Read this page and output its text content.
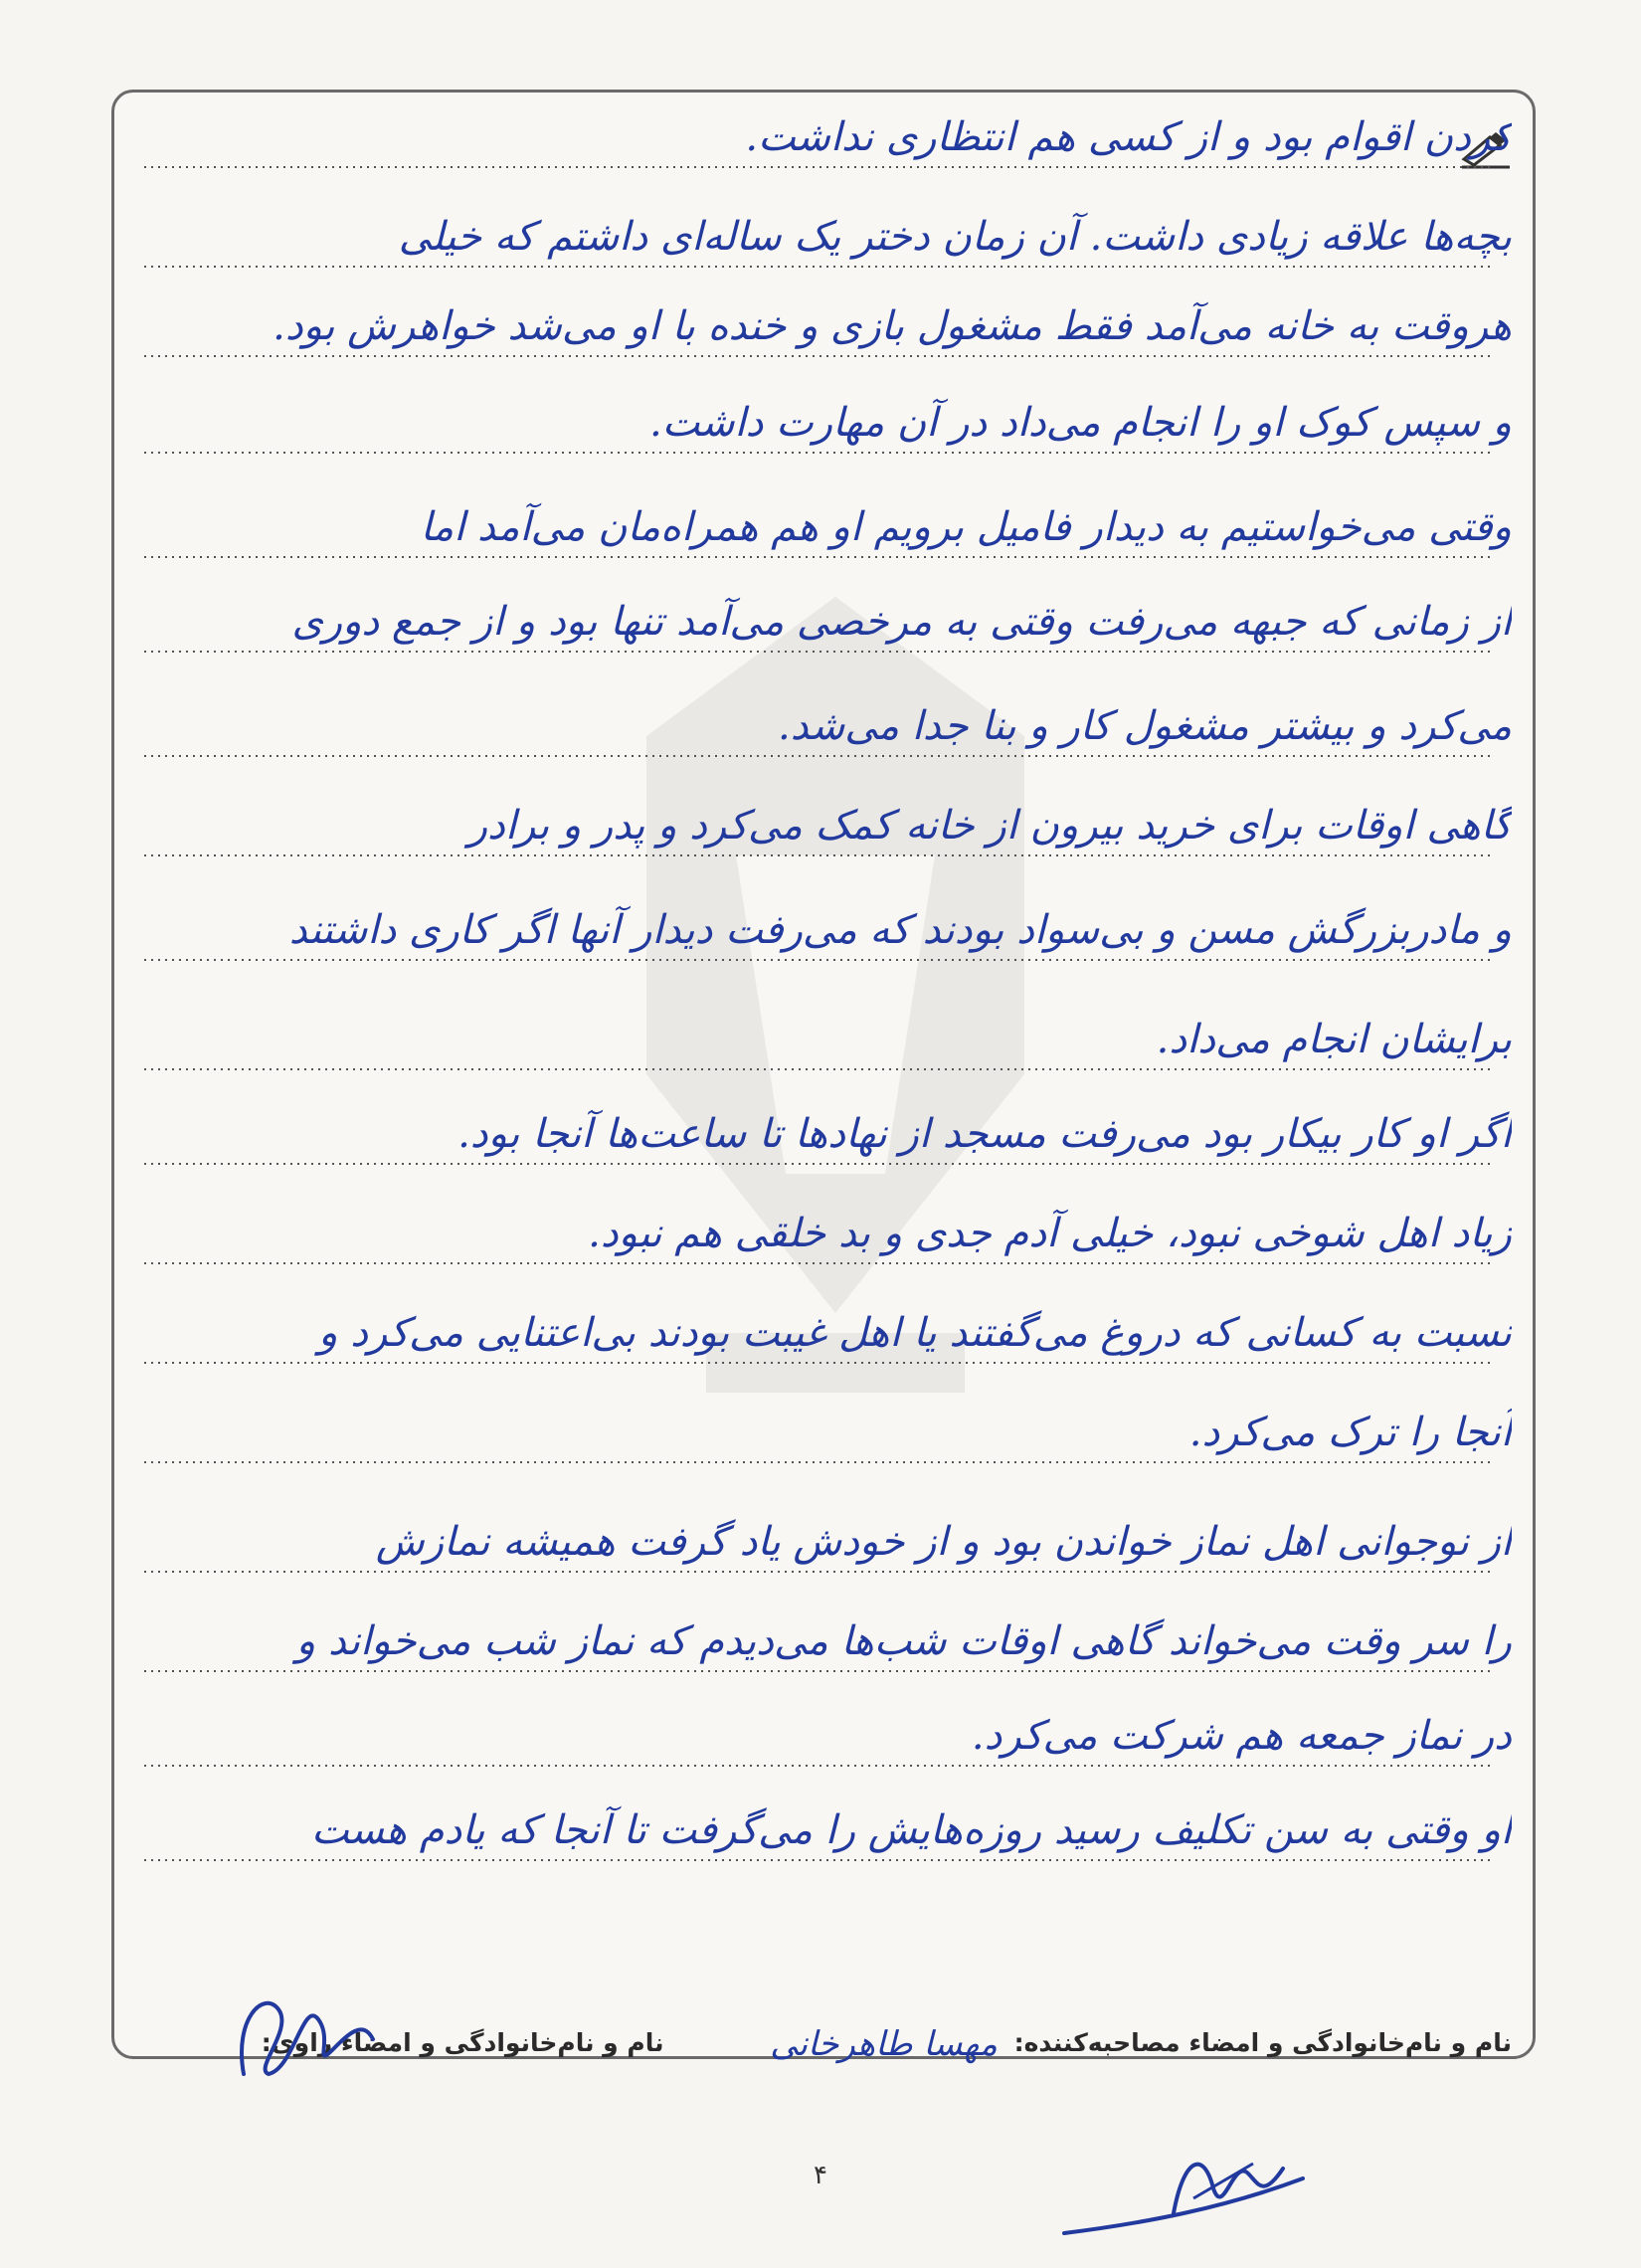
کردن اقوام بود و از کسی هم انتظاری نداشت.
بچه‌ها علاقه زیادی داشت. آن زمان دختر یک ساله‌ای داشتم که خیلی
هروقت به خانه می‌آمد فقط مشغول بازی و خنده با او می‌شد خواهرش بود.
و سپس کوک او را انجام می‌داد در آن مهارت داشت.
وقتی می‌خواستیم به دیدار فامیل برویم او هم همراه‌مان می‌آمد اما
از زمانی که جبهه می‌رفت وقتی به مرخصی می‌آمد تنها بود و از جمع دوری
می‌کرد و بیشتر مشغول کار و بنا جدا می‌شد.
گاهی اوقات برای خرید بیرون از خانه کمک می‌کرد و پدر و برادر
و مادربزرگش مسن و بی‌سواد بودند که می‌رفت دیدار آنها اگر کاری داشتند
برایشان انجام می‌داد.
اگر او کار بیکار بود می‌رفت مسجد از نهادها تا ساعت‌ها آنجا بود.
زیاد اهل شوخی نبود، خیلی آدم جدی و بد خلقی هم نبود.
نسبت به کسانی که دروغ می‌گفتند یا اهل غیبت بودند بی‌اعتنایی می‌کرد و
آنجا را ترک می‌کرد.
از نوجوانی اهل نماز خواندن بود و از خودش یاد گرفت همیشه نمازش
را سر وقت می‌خواند گاهی اوقات شب‌ها می‌دیدم که نماز شب می‌خواند و
در نماز جمعه هم شرکت می‌کرد.
او وقتی به سن تکلیف رسید روزه‌هایش را می‌گرفت تا آنجا که یادم هست
نام و نام‌خانوادگی و امضاء مصاحبه‌کننده: مهسا طاهرخانی نام و نام‌خانوادگی و امضاء راوی:
۴
